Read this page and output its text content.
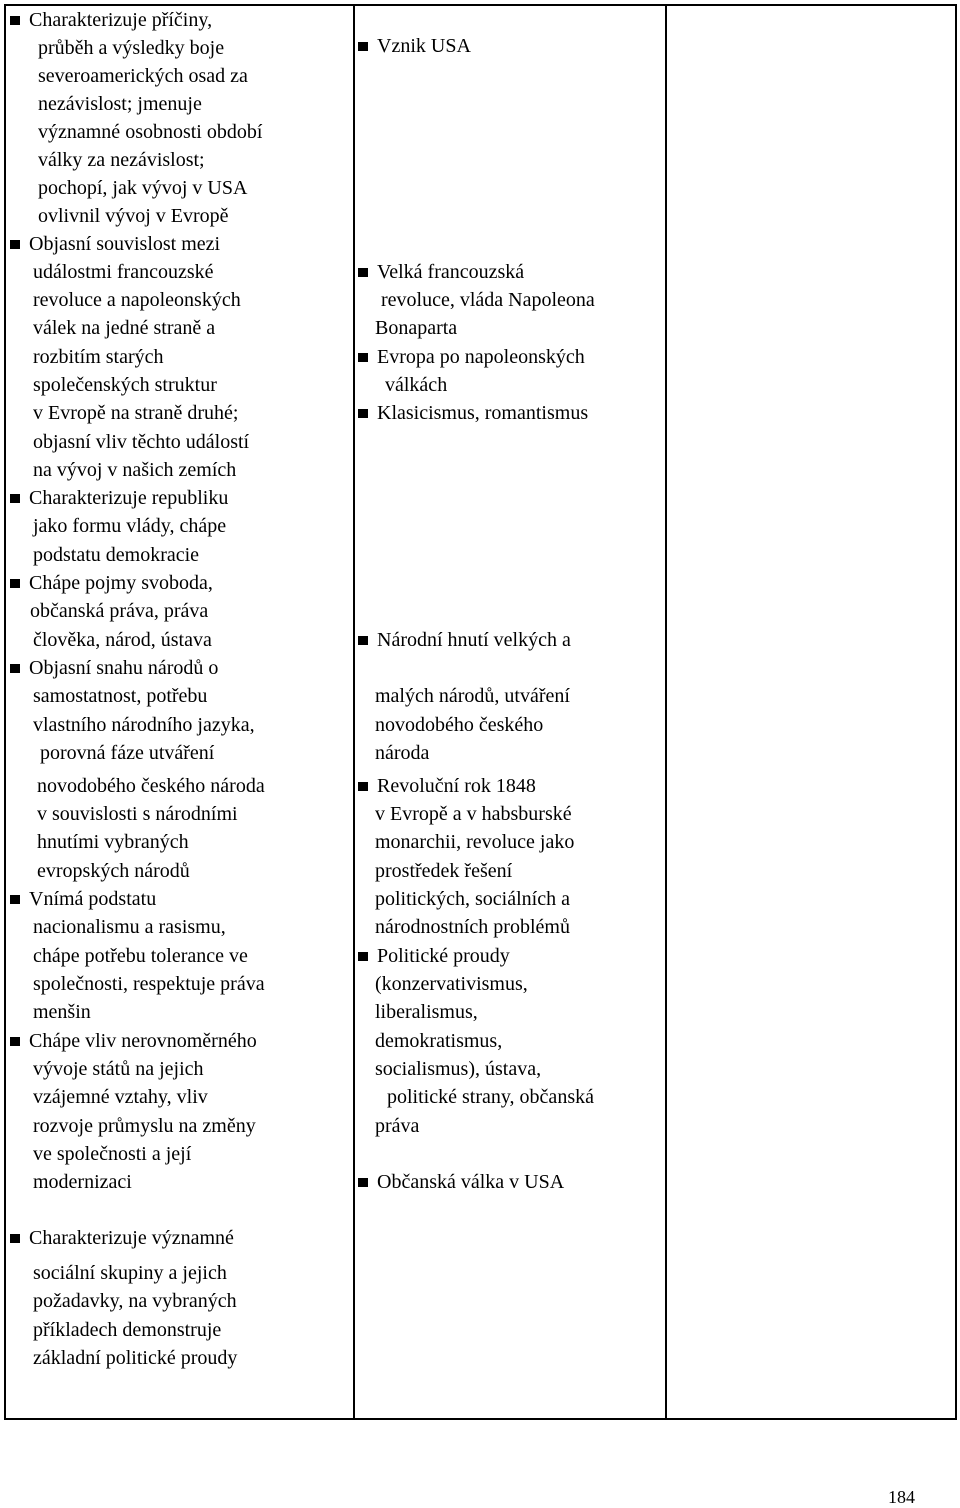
Charakterizuje příčiny,
průběh a výsledky boje
severoamerických osad za
nezávislost; jmenuje
významné osobnosti období
války za nezávislost;
pochopí, jak vývoj v USA
ovlivnil vývoj v Evropě
Objasní souvislost mezi
událostmi francouzské
revoluce a napoleonských
válek na jedné straně a
rozbitím starých
společenských struktur
v Evropě na straně druhé;
objasní vliv těchto událostí
na vývoj v našich zemích
Charakterizuje republiku
jako formu vlády, chápe
podstatu demokracie
Chápe pojmy svoboda,
občanská práva, práva
člověka, národ, ústava
Objasní snahu národů o
samostatnost, potřebu
vlastního národního jazyka,
porovná fáze utváření
novodobého českého národa
v souvislosti s národními
hnutími vybraných
evropských národů
Vnímá podstatu
nacionalismu a rasismu,
chápe potřebu tolerance ve
společnosti, respektuje práva
menšin
Chápe vliv nerovnoměrného
vývoje států na jejich
vzájemné vztahy, vliv
rozvoje průmyslu na změny
ve společnosti a její
modernizaci
Charakterizuje významné
sociální skupiny a jejich
požadavky, na vybraných
příkladech demonstruje
základní politické proudy
Vznik USA
Velká francouzská
revoluce, vláda Napoleona
Bonaparta
Evropa po napoleonských
válkách
Klasicismus, romantismus
Národní hnutí velkých a
malých národů, utváření
novodobého českého
národa
Revoluční rok 1848
v Evropě a v habsburské
monarchii, revoluce jako
prostředek řešení
politických, sociálních a
národnostních problémů
Politické proudy
(konzervativismus,
liberalismus,
demokratismus,
socialismus), ústava,
politické strany, občanská
práva
Občanská válka v USA
184
